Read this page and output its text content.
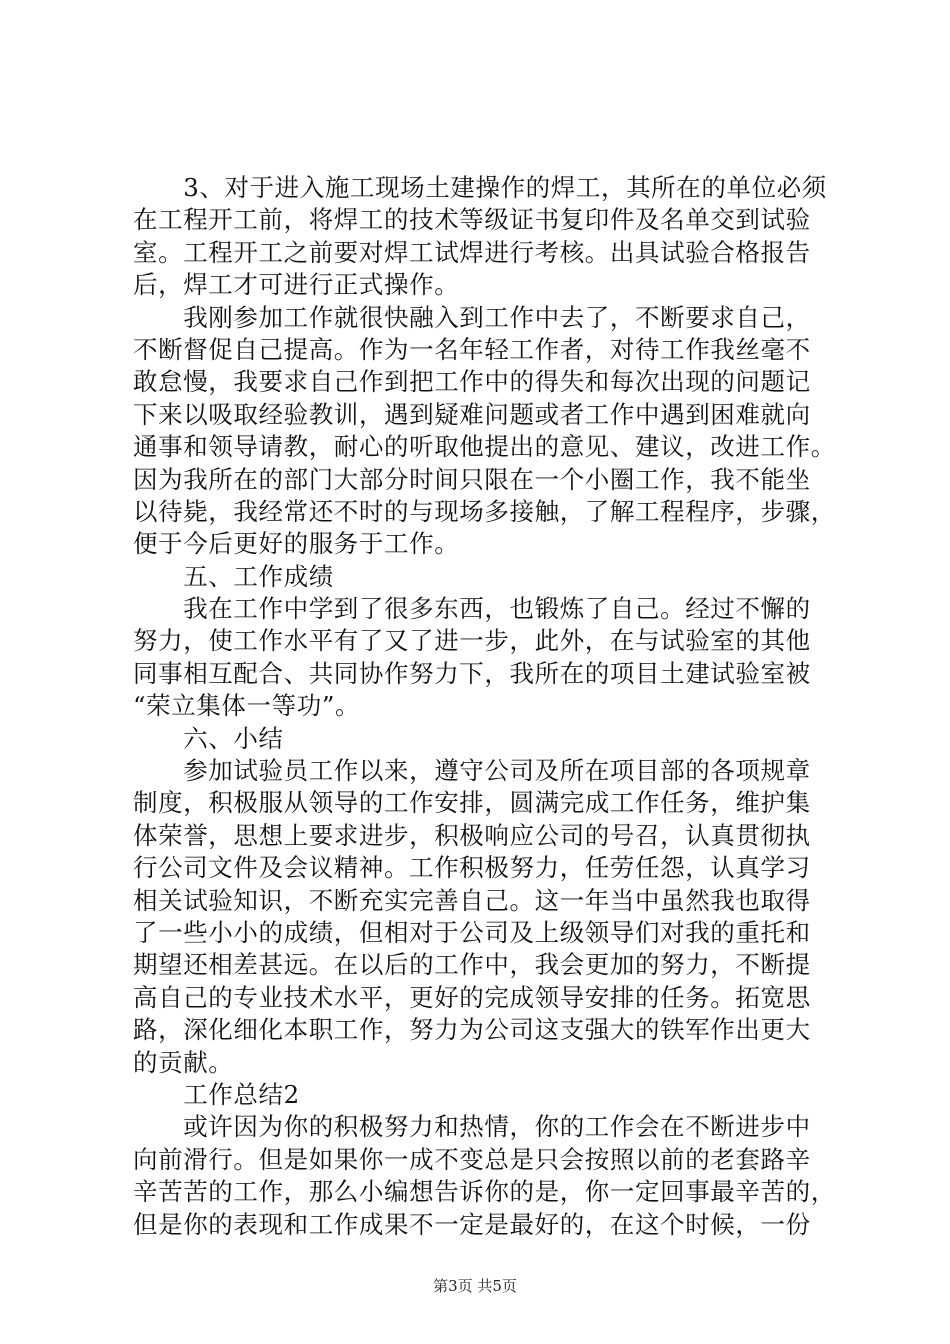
　　3、对于进入施工现场土建操作的焊工，其所在的单位必须
在工程开工前，将焊工的技术等级证书复印件及名单交到试验
室。工程开工之前要对焊工试焊进行考核。出具试验合格报告
后，焊工才可进行正式操作。
　　我刚参加工作就很快融入到工作中去了，不断要求自己，
不断督促自己提高。作为一名年轻工作者，对待工作我丝毫不
敢怠慢，我要求自己作到把工作中的得失和每次出现的问题记
下来以吸取经验教训，遇到疑难问题或者工作中遇到困难就向
通事和领导请教，耐心的听取他提出的意见、建议，改进工作。
因为我所在的部门大部分时间只限在一个小圈工作，我不能坐
以待毙，我经常还不时的与现场多接触，了解工程程序，步骤，
便于今后更好的服务于工作。
　　五、工作成绩
　　我在工作中学到了很多东西，也锻炼了自己。经过不懈的
努力，使工作水平有了又了进一步，此外，在与试验室的其他
同事相互配合、共同协作努力下，我所在的项目土建试验室被
“荣立集体一等功”。
　　六、小结
　　参加试验员工作以来，遵守公司及所在项目部的各项规章
制度，积极服从领导的工作安排，圆满完成工作任务，维护集
体荣誉，思想上要求进步，积极响应公司的号召，认真贯彻执
行公司文件及会议精神。工作积极努力，任劳任怨，认真学习
相关试验知识，不断充实完善自己。这一年当中虽然我也取得
了一些小小的成绩，但相对于公司及上级领导们对我的重托和
期望还相差甚远。在以后的工作中，我会更加的努力，不断提
高自己的专业技术水平，更好的完成领导安排的任务。拓宽思
路，深化细化本职工作，努力为公司这支强大的铁军作出更大
的贡献。
　　工作总结2
　　或许因为你的积极努力和热情，你的工作会在不断进步中
向前滑行。但是如果你一成不变总是只会按照以前的老套路辛
辛苦苦的工作，那么小编想告诉你的是，你一定回事最辛苦的，
但是你的表现和工作成果不一定是最好的，在这个时候，一份
第3页 共5页
